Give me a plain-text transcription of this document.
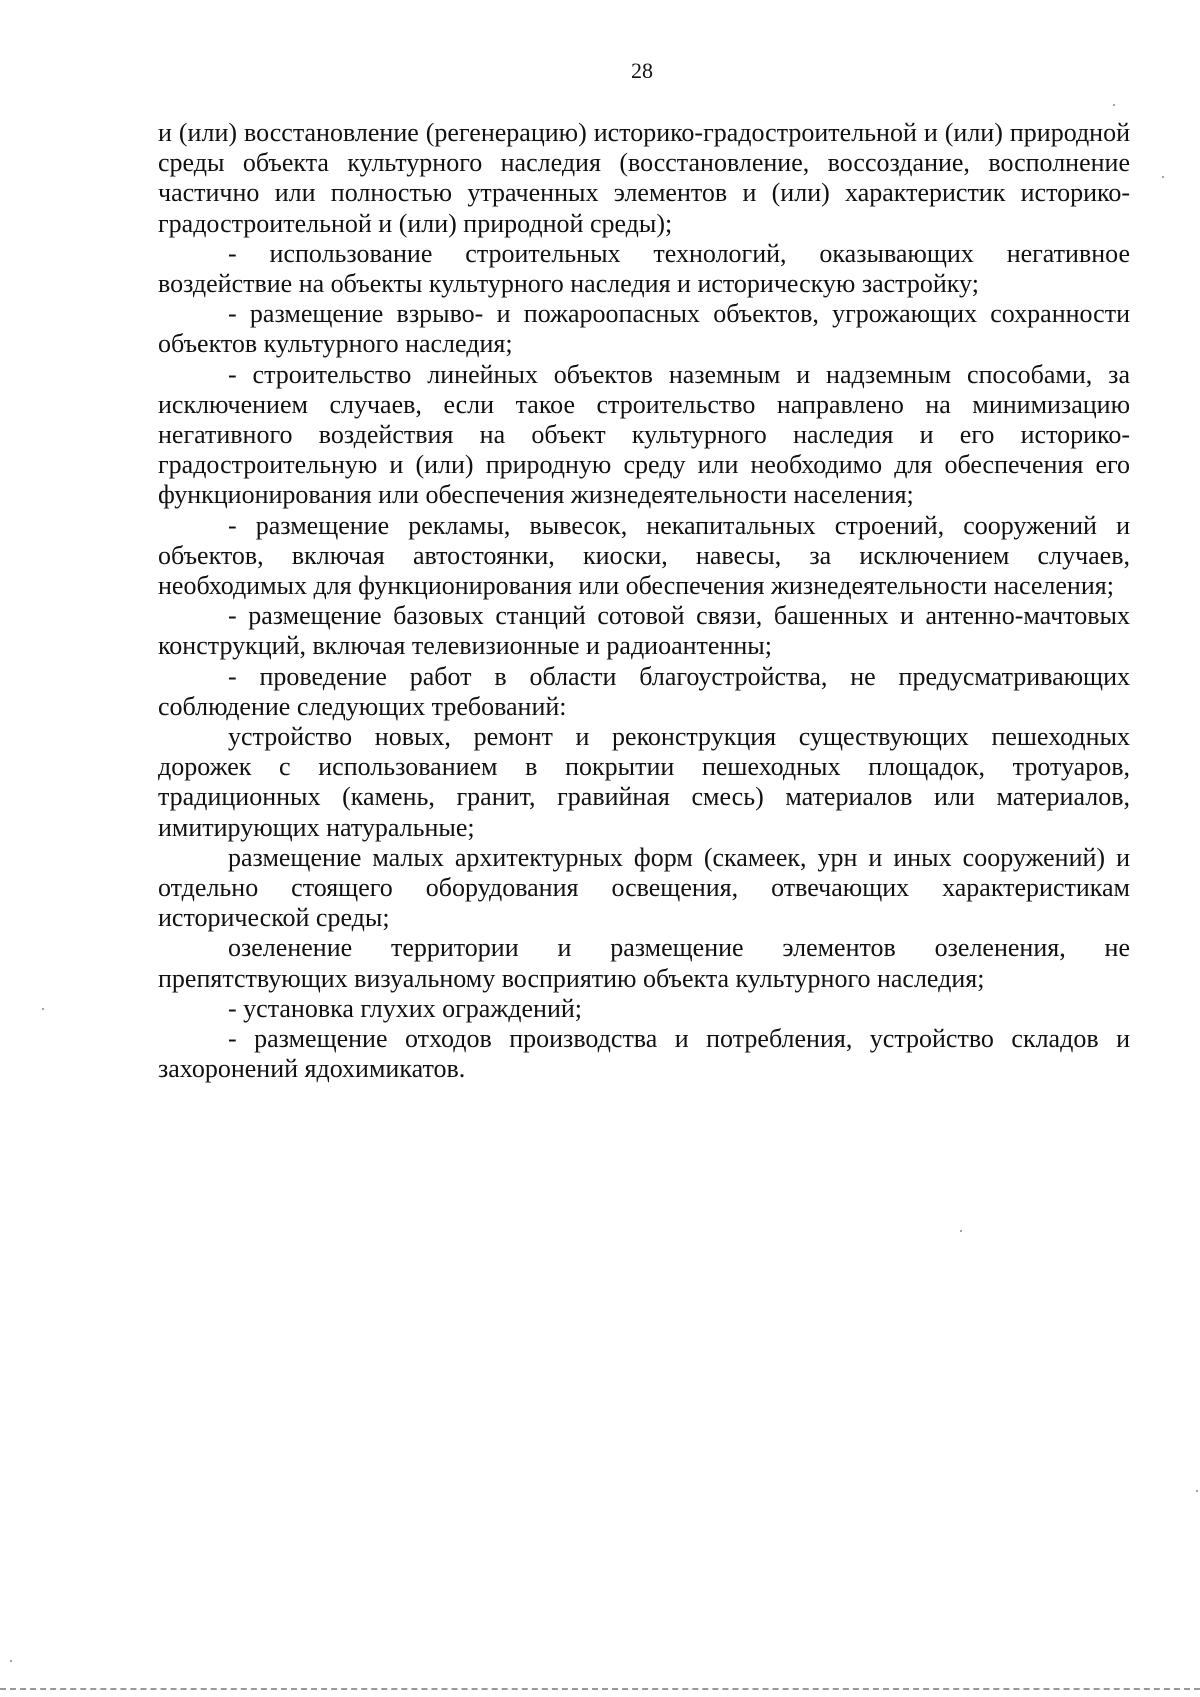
28

и (или) восстановление (регенерацию) историко-градостроительной и (или) природной среды объекта культурного наследия (восстановление, воссоздание, восполнение частично или полностью утраченных элементов и (или) характеристик историко-градостроительной и (или) природной среды);

- использование строительных технологий, оказывающих негативное воздействие на объекты культурного наследия и историческую застройку;

- размещение взрыво- и пожароопасных объектов, угрожающих сохранности объектов культурного наследия;

- строительство линейных объектов наземным и надземным способами, за исключением случаев, если такое строительство направлено на минимизацию негативного воздействия на объект культурного наследия и его историко-градостроительную и (или) природную среду или необходимо для обеспечения его функционирования или обеспечения жизнедеятельности населения;

- размещение рекламы, вывесок, некапитальных строений, сооружений и объектов, включая автостоянки, киоски, навесы, за исключением случаев, необходимых для функционирования или обеспечения жизнедеятельности населения;

- размещение базовых станций сотовой связи, башенных и антенно-мачтовых конструкций, включая телевизионные и радиоантенны;

- проведение работ в области благоустройства, не предусматривающих соблюдение следующих требований:

устройство новых, ремонт и реконструкция существующих пешеходных дорожек с использованием в покрытии пешеходных площадок, тротуаров, традиционных (камень, гранит, гравийная смесь) материалов или материалов, имитирующих натуральные;

размещение малых архитектурных форм (скамеек, урн и иных сооружений) и отдельно стоящего оборудования освещения, отвечающих характеристикам исторической среды;

озеленение территории и размещение элементов озеленения, не препятствующих визуальному восприятию объекта культурного наследия;

- установка глухих ограждений;

- размещение отходов производства и потребления, устройство складов и захоронений ядохимикатов.
